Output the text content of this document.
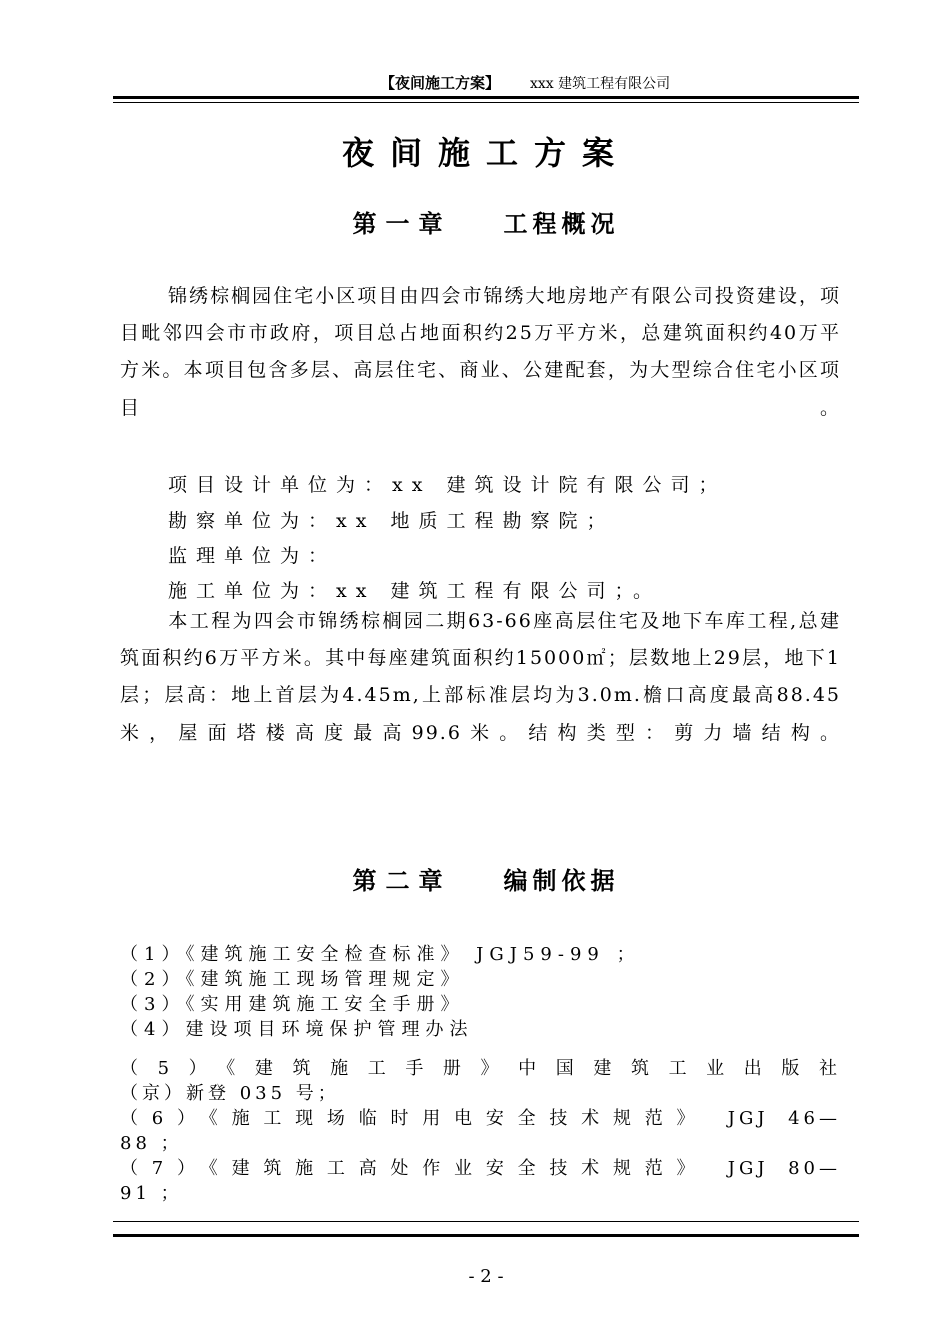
【夜间施工方案】 xxx 建筑工程有限公司
夜间施工方案
第一章 工程概况
锦绣棕榈园住宅小区项目由四会市锦绣大地房地产有限公司投资建设，项目毗邻四会市市政府，项目总占地面积约25万平方米，总建筑面积约40万平方米。本项目包含多层、高层住宅、商业、公建配套，为大型综合住宅小区项目。
项目设计单位为：xx 建筑设计院有限公司；
勘察单位为：xx 地质工程勘察院；
监理单位为：
施工单位为：xx 建筑工程有限公司；。
本工程为四会市锦绣棕榈园二期63-66座高层住宅及地下车库工程,总建筑面积约6万平方米。其中每座建筑面积约15000㎡；层数地上29层，地下1层；层高：地上首层为4.45m,上部标准层均为3.0m.檐口高度最高88.45米，屋面塔楼高度最高99.6米。结构类型：剪力墙结构。
第二章 编制依据
（1）《建筑施工安全检查标准》 JGJ59-99 ；
（2）《建筑施工现场管理规定》
（3）《实用建筑施工安全手册》
（4）建设项目环境保护管理办法
（5）《建筑施工手册》中国建筑工业出版社
（京）新登 035 号；
（6）《施工现场临时用电安全技术规范》 JGJ 46—
88 ；
（7）《建筑施工高处作业安全技术规范》 JGJ 80—
91 ；
- 2 -
